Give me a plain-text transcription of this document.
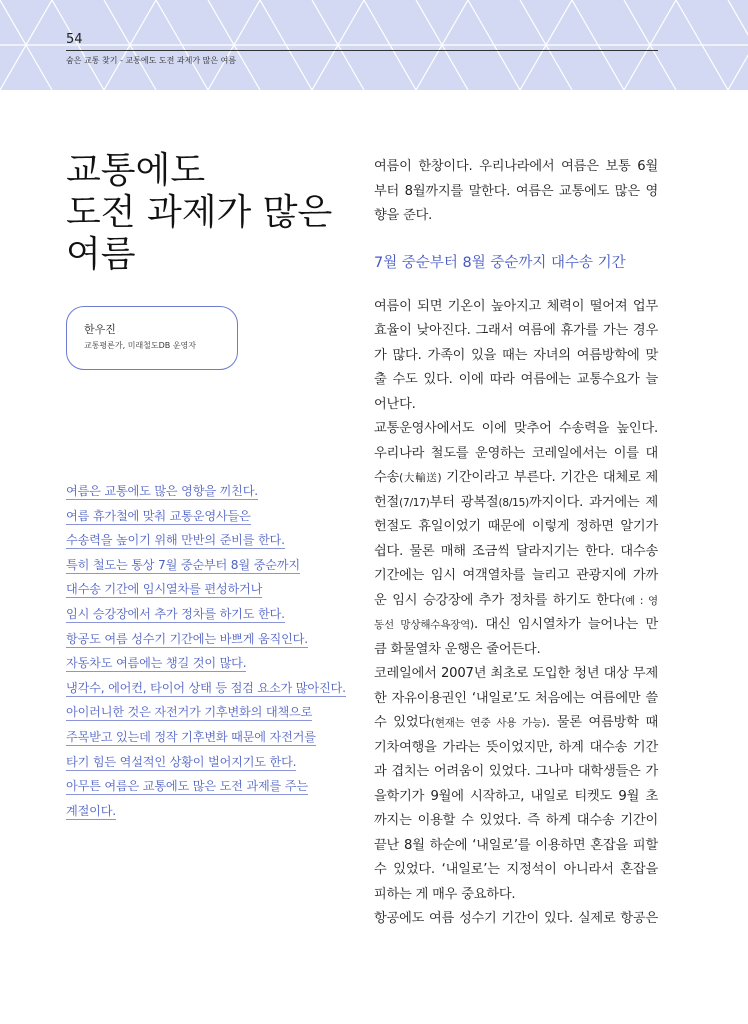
54
숨은 교통 찾기 - 교통에도 도전 과제가 많은 여름
교통에도
도전 과제가 많은
여름
한우진
교통평론가, 미래철도DB 운영자
여름은 교통에도 많은 영향을 끼친다.
여름 휴가철에 맞춰 교통운영사들은
수송력을 높이기 위해 만반의 준비를 한다.
특히 철도는 통상 7월 중순부터 8월 중순까지
대수송 기간에 임시열차를 편성하거나
임시 승강장에서 추가 정차를 하기도 한다.
항공도 여름 성수기 기간에는 바쁘게 움직인다.
자동차도 여름에는 챙길 것이 많다.
냉각수, 에어컨, 타이어 상태 등 점검 요소가 많아진다.
아이러니한 것은 자전거가 기후변화의 대책으로
주목받고 있는데 정작 기후변화 때문에 자전거를
타기 힘든 역설적인 상황이 벌어지기도 한다.
아무튼 여름은 교통에도 많은 도전 과제를 주는
계절이다.
여름이 한창이다. 우리나라에서 여름은 보통 6월
부터 8월까지를 말한다. 여름은 교통에도 많은 영
향을 준다.
7월 중순부터 8월 중순까지 대수송 기간
여름이 되면 기온이 높아지고 체력이 떨어져 업무
효율이 낮아진다. 그래서 여름에 휴가를 가는 경우
가 많다. 가족이 있을 때는 자녀의 여름방학에 맞
출 수도 있다. 이에 따라 여름에는 교통수요가 늘
어난다.
교통운영사에서도 이에 맞추어 수송력을 높인다.
우리나라 철도를 운영하는 코레일에서는 이를 대
수송(大輸送) 기간이라고 부른다. 기간은 대체로 제
헌절(7/17)부터 광복절(8/15)까지이다. 과거에는 제
헌절도 휴일이었기 때문에 이렇게 정하면 알기가
쉽다. 물론 매해 조금씩 달라지기는 한다. 대수송
기간에는 임시 여객열차를 늘리고 관광지에 가까
운 임시 승강장에 추가 정차를 하기도 한다(예 : 영
동선 망상해수욕장역). 대신 임시열차가 늘어나는 만
큼 화물열차 운행은 줄어든다.
코레일에서 2007년 최초로 도입한 청년 대상 무제
한 자유이용권인 ‘내일로’도 처음에는 여름에만 쓸
수 있었다(현재는 연중 사용 가능). 물론 여름방학 때
기차여행을 가라는 뜻이었지만, 하계 대수송 기간
과 겹치는 어려움이 있었다. 그나마 대학생들은 가
을학기가 9월에 시작하고, 내일로 티켓도 9월 초
까지는 이용할 수 있었다. 즉 하계 대수송 기간이
끝난 8월 하순에 ‘내일로’를 이용하면 혼잡을 피할
수 있었다. ‘내일로’는 지정석이 아니라서 혼잡을
피하는 게 매우 중요하다.
항공에도 여름 성수기 기간이 있다. 실제로 항공은
